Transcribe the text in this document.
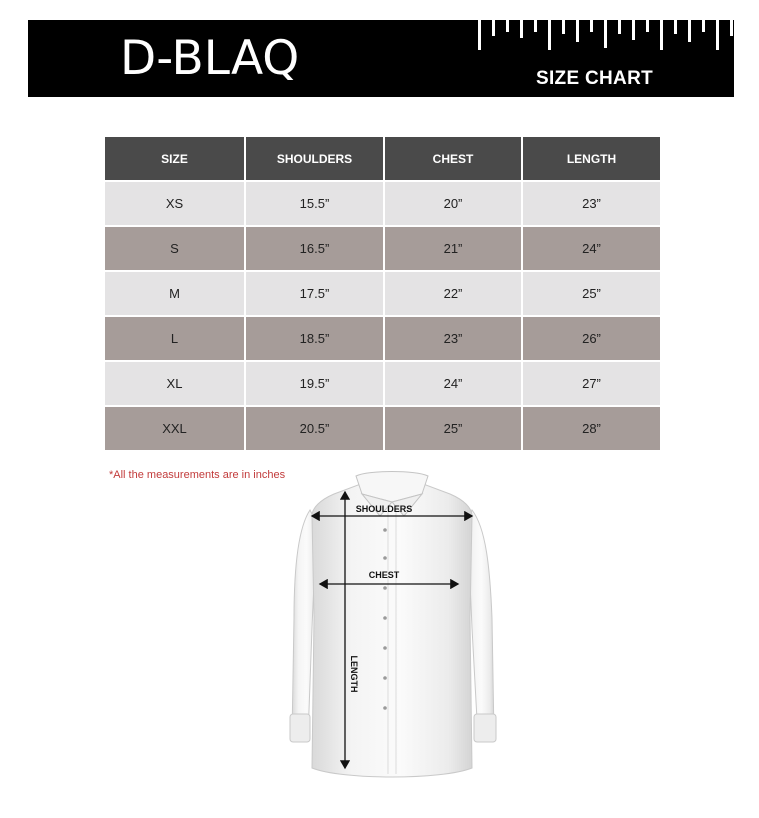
D-BLAQ	SIZE CHART
SIZE	SHOULDERS	CHEST	LENGTH
XS	15.5”	20”	23”
S	16.5”	21”	24”
M	17.5”	22”	25”
L	18.5”	23”	26”
XL	19.5”	24”	27”
XXL	20.5”	25”	28”
*All the measurements are in inches
SHOULDERS
CHEST
LENGTH
